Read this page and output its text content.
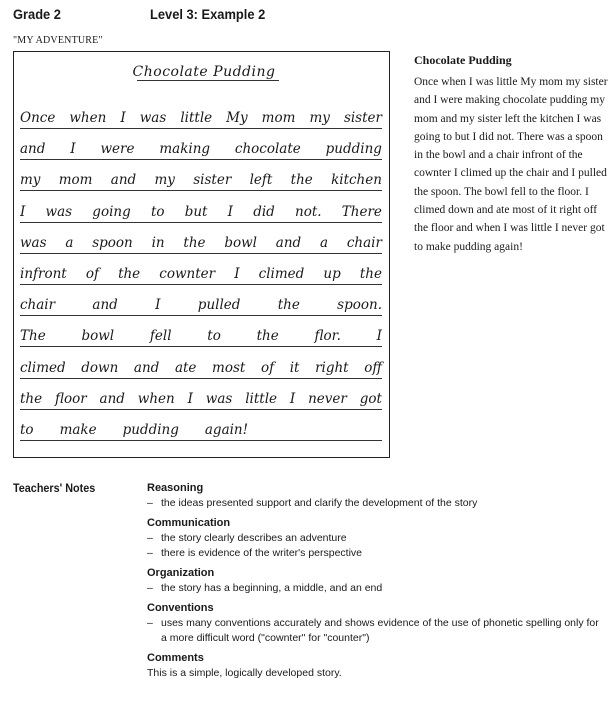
Grade 2	Level 3: Example 2
"MY ADVENTURE"
Chocolate Pudding
Once when I was little My mom my sister
and I were making chocolate pudding
my mom and my sister left the kitchen
I was going to but I did not. There
was a spoon in the bowl and a chair
infront of the cownter I climed up the
chair	and	I	pulled	the	spoon.
The	bowl	fell	to	the	flor.	I
climed down and ate most of it right off
the floor and when I was little I never got
to make pudding again!
Chocolate Pudding
Once when I was little My mom my sister and I were making chocolate pudding my mom and my sister left the kitchen I was going to but I did not. There was a spoon in the bowl and a chair infront of the cownter I climed up the chair and I pulled the spoon. The bowl fell to the floor. I climed down and ate most of it right off the floor and when I was little I never got to make pudding again!
Teachers' Notes	Reasoning
– the ideas presented support and clarify the development of the story
Communication
– the story clearly describes an adventure
– there is evidence of the writer's perspective
Organization
– the story has a beginning, a middle, and an end
Conventions
– uses many conventions accurately and shows evidence of the use of phonetic spelling only for a more difficult word ("cownter" for "counter")
Comments
This is a simple, logically developed story.
